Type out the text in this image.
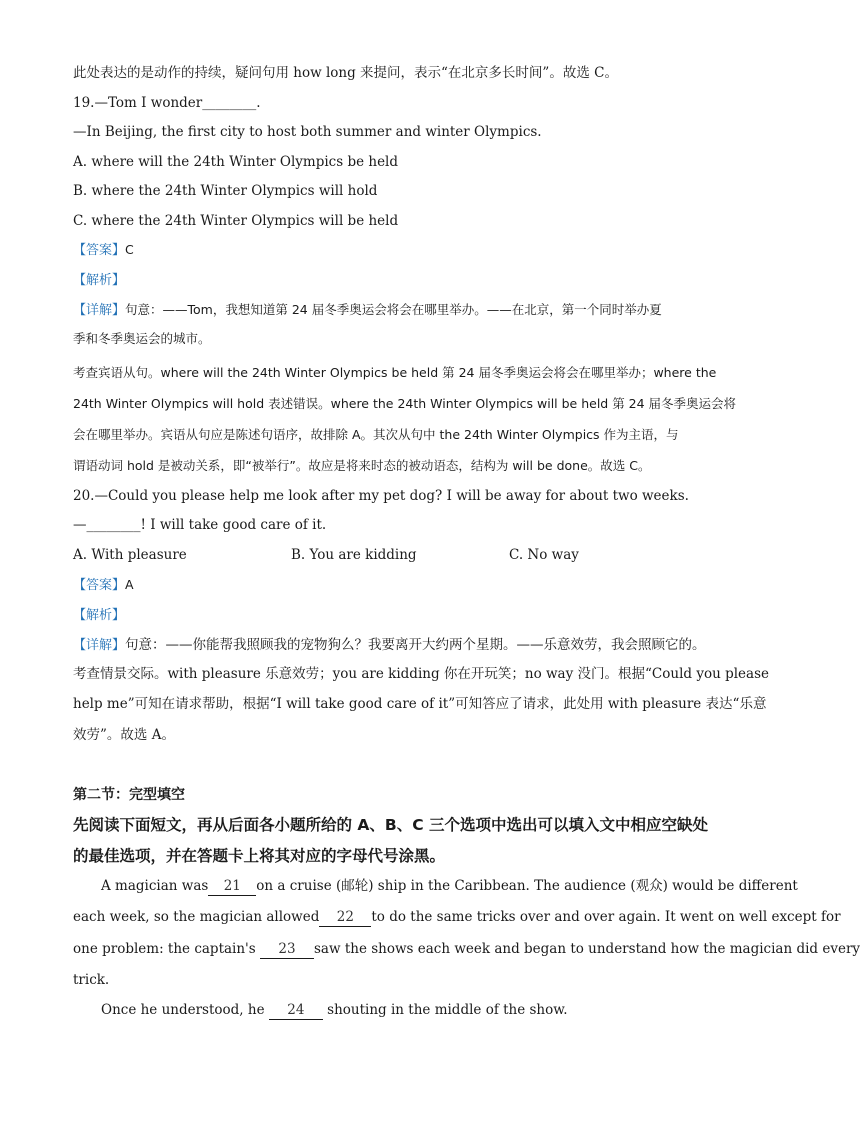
此处表达的是动作的持续，疑问句用 how long 来提问，表示“在北京多长时间”。故选 C。
19.—Tom I wonder________.
—In Beijing, the first city to host both summer and winter Olympics.
A. where will the 24th Winter Olympics be held
B. where the 24th Winter Olympics will hold
C. where the 24th Winter Olympics will be held
【答案】C
【解析】
【详解】句意：——Tom，我想知道第 24 届冬季奥运会将会在哪里举办。——在北京，第一个同时举办夏
季和冬季奥运会的城市。
考查宾语从句。where will the 24th Winter Olympics be held 第 24 届冬季奥运会将会在哪里举办；where the
24th Winter Olympics will hold 表述错误。where the 24th Winter Olympics will be held 第 24 届冬季奥运会将
会在哪里举办。宾语从句应是陈述句语序，故排除 A。其次从句中 the 24th Winter Olympics 作为主语，与
谓语动词 hold 是被动关系，即“被举行”。故应是将来时态的被动语态，结构为 will be done。故选 C。
20.—Could you please help me look after my pet dog? I will be away for about two weeks.
—________! I will take good care of it.
A. With pleasure	B. You are kidding	C. No way
【答案】A
【解析】
【详解】句意：——你能帮我照顾我的宠物狗么？我要离开大约两个星期。——乐意效劳，我会照顾它的。
考查情景交际。with pleasure 乐意效劳；you are kidding 你在开玩笑；no way 没门。根据“Could you please
help me”可知在请求帮助，根据“I will take good care of it”可知答应了请求，此处用 with pleasure 表达“乐意
效劳”。故选 A。
第二节：完型填空
先阅读下面短文，再从后面各小题所给的 A、B、C 三个选项中选出可以填入文中相应空缺处
的最佳选项，并在答题卡上将其对应的字母代号涂黑。
A magician was 21 on a cruise (邮轮) ship in the Caribbean. The audience (观众) would be different
each week, so the magician allowed 22 to do the same tricks over and over again. It went on well except for
one problem: the captain's 23 saw the shows each week and began to understand how the magician did every
trick.
Once he understood, he 24 shouting in the middle of the show.
